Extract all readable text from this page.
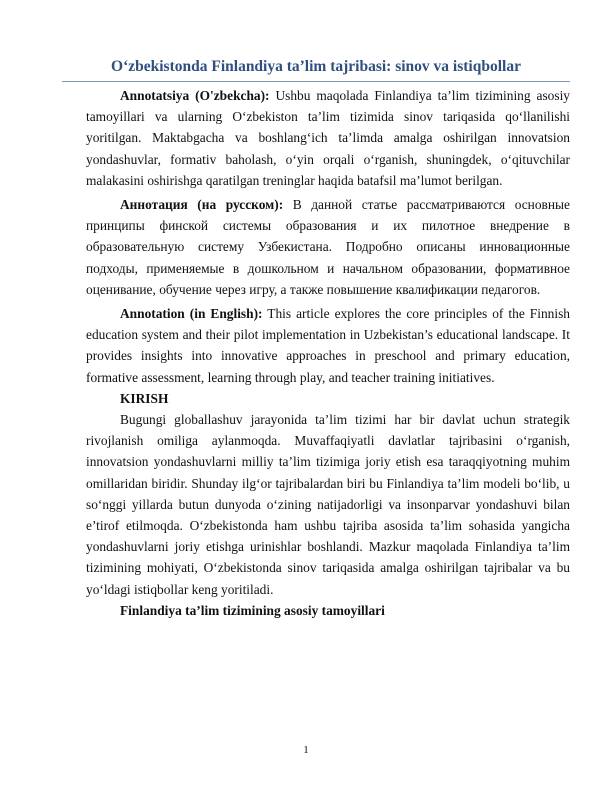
O‘zbekistonda Finlandiya ta’lim tajribasi: sinov va istiqbollar

Annotatsiya (O'zbekcha): Ushbu maqolada Finlandiya ta’lim tizimining asosiy tamoyillari va ularning O‘zbekiston ta’lim tizimida sinov tariqasida qo‘llanilishi yoritilgan. Maktabgacha va boshlang‘ich ta’limda amalga oshirilgan innovatsion yondashuvlar, formativ baholash, o‘yin orqali o‘rganish, shuningdek, o‘qituvchilar malakasini oshirishga qaratilgan treninglar haqida batafsil ma’lumot berilgan.

Аннотация (на русском): В данной статье рассматриваются основные принципы финской системы образования и их пилотное внедрение в образовательную систему Узбекистана. Подробно описаны инновационные подходы, применяемые в дошкольном и начальном образовании, формативное оценивание, обучение через игру, а также повышение квалификации педагогов.

Annotation (in English): This article explores the core principles of the Finnish education system and their pilot implementation in Uzbekistan’s educational landscape. It provides insights into innovative approaches in preschool and primary education, formative assessment, learning through play, and teacher training initiatives.

KIRISH

Bugungi globallashuv jarayonida ta’lim tizimi har bir davlat uchun strategik rivojlanish omiliga aylanmoqda. Muvaffaqiyatli davlatlar tajribasini o‘rganish, innovatsion yondashuvlarni milliy ta’lim tizimiga joriy etish esa taraqqiyotning muhim omillaridan biridir. Shunday ilg‘or tajribalardan biri bu Finlandiya ta’lim modeli bo‘lib, u so‘nggi yillarda butun dunyoda o‘zining natijadorligi va insonparvar yondashuvi bilan e’tirof etilmoqda. O‘zbekistonda ham ushbu tajriba asosida ta’lim sohasida yangicha yondashuvlarni joriy etishga urinishlar boshlandi. Mazkur maqolada Finlandiya ta’lim tizimining mohiyati, O‘zbekistonda sinov tariqasida amalga oshirilgan tajribalar va bu yo‘ldagi istiqbollar keng yoritiladi.

Finlandiya ta’lim tizimining asosiy tamoyillari
1
